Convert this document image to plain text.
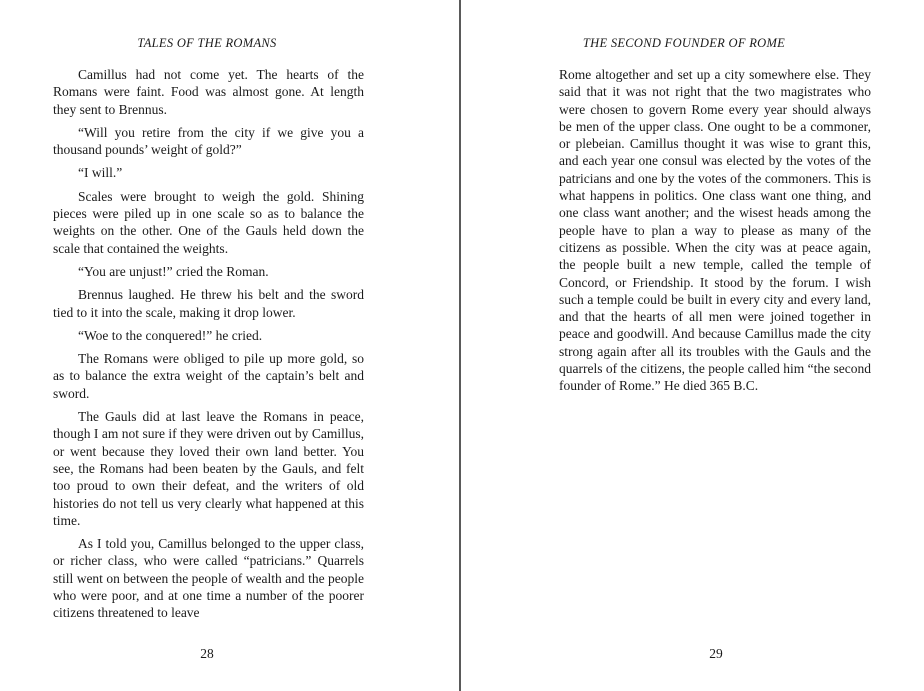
TALES OF THE ROMANS

Camillus had not come yet. The hearts of the Romans were faint. Food was almost gone. At length they sent to Brennus.

“Will you retire from the city if we give you a thousand pounds’ weight of gold?”

“I will.”

Scales were brought to weigh the gold. Shining pieces were piled up in one scale so as to balance the weights on the other. One of the Gauls held down the scale that contained the weights.

“You are unjust!” cried the Roman.

Brennus laughed. He threw his belt and the sword tied to it into the scale, making it drop lower.

“Woe to the conquered!” he cried.

The Romans were obliged to pile up more gold, so as to balance the extra weight of the captain’s belt and sword.

The Gauls did at last leave the Romans in peace, though I am not sure if they were driven out by Camillus, or went because they loved their own land better. You see, the Romans had been beaten by the Gauls, and felt too proud to own their defeat, and the writers of old histories do not tell us very clearly what happened at this time.

As I told you, Camillus belonged to the upper class, or richer class, who were called “patricians.” Quarrels still went on between the people of wealth and the people who were poor, and at one time a number of the poorer citizens threatened to leave

28
THE SECOND FOUNDER OF ROME

Rome altogether and set up a city somewhere else. They said that it was not right that the two magistrates who were chosen to govern Rome every year should always be men of the upper class. One ought to be a commoner, or plebeian. Camillus thought it was wise to grant this, and each year one consul was elected by the votes of the patricians and one by the votes of the commoners. This is what happens in politics. One class want one thing, and one class want another; and the wisest heads among the people have to plan a way to please as many of the citizens as possible. When the city was at peace again, the people built a new temple, called the temple of Concord, or Friendship. It stood by the forum. I wish such a temple could be built in every city and every land, and that the hearts of all men were joined together in peace and goodwill. And because Camillus made the city strong again after all its troubles with the Gauls and the quarrels of the citizens, the people called him “the second founder of Rome.” He died 365 B.C.

29
